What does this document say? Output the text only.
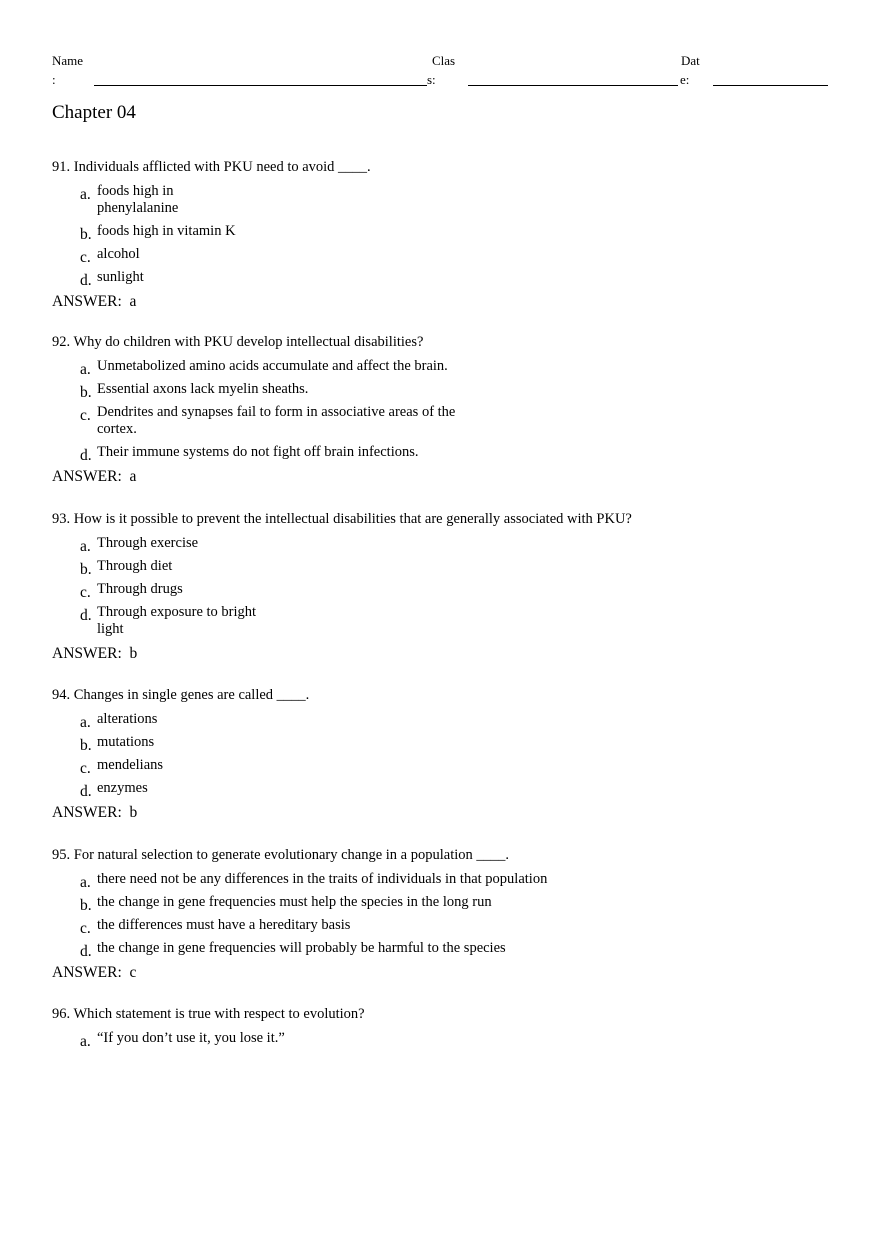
Name
:
Clas
s:
Dat
e:
Chapter 04
91. Individuals afflicted with PKU need to avoid ____.
a. foods high in phenylalanine
b. foods high in vitamin K
c. alcohol
d. sunlight
ANSWER:  a
92. Why do children with PKU develop intellectual disabilities?
a. Unmetabolized amino acids accumulate and affect the brain.
b. Essential axons lack myelin sheaths.
c. Dendrites and synapses fail to form in associative areas of the cortex.
d. Their immune systems do not fight off brain infections.
ANSWER:  a
93. How is it possible to prevent the intellectual disabilities that are generally associated with PKU?
a. Through exercise
b. Through diet
c. Through drugs
d. Through exposure to bright light
ANSWER:  b
94. Changes in single genes are called ____.
a. alterations
b. mutations
c. mendelians
d. enzymes
ANSWER:  b
95. For natural selection to generate evolutionary change in a population ____.
a. there need not be any differences in the traits of individuals in that population
b. the change in gene frequencies must help the species in the long run
c. the differences must have a hereditary basis
d. the change in gene frequencies will probably be harmful to the species
ANSWER:  c
96. Which statement is true with respect to evolution?
a. “If you don’t use it, you lose it.”
